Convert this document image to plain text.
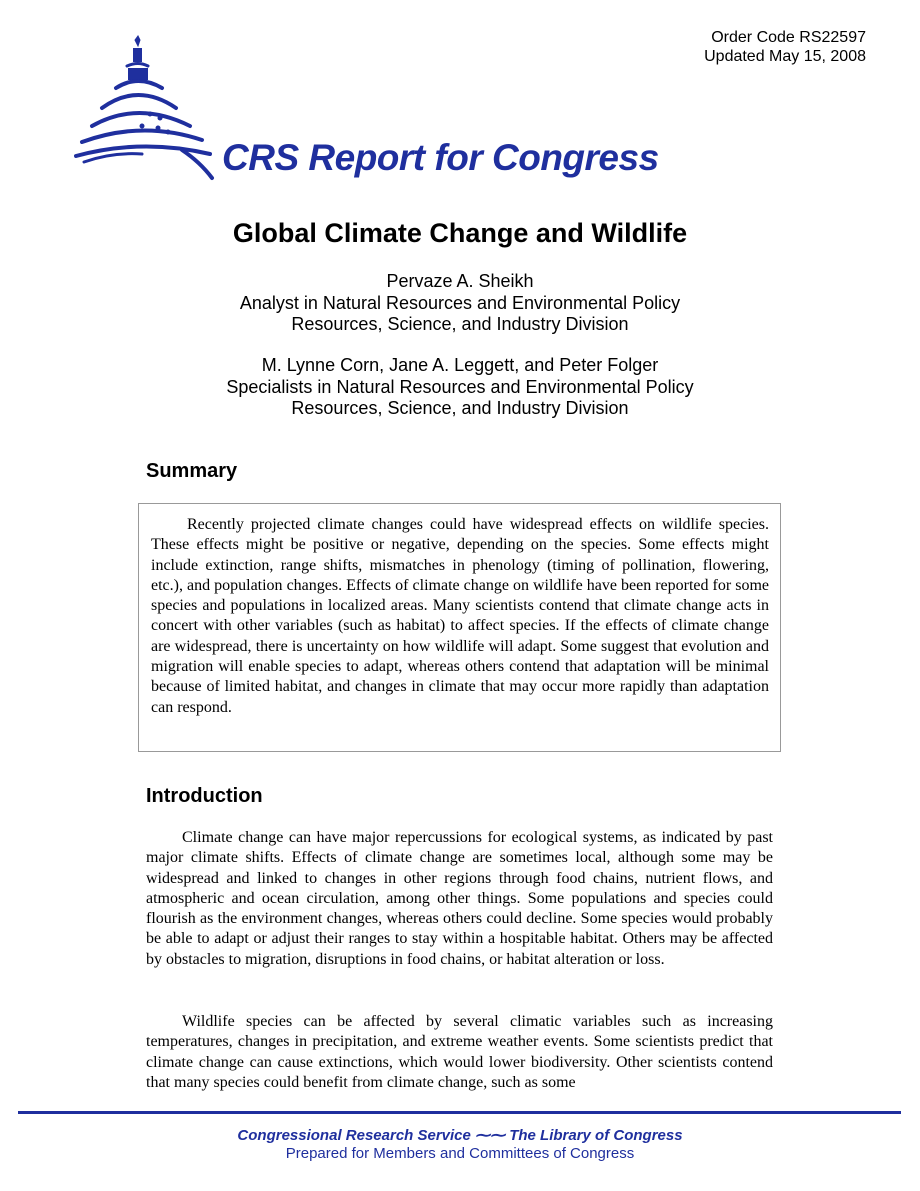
Order Code RS22597
Updated May 15, 2008
CRS Report for Congress
Global Climate Change and Wildlife
Pervaze A. Sheikh
Analyst in Natural Resources and Environmental Policy
Resources, Science, and Industry Division
M. Lynne Corn, Jane A. Leggett, and Peter Folger
Specialists in Natural Resources and Environmental Policy
Resources, Science, and Industry Division
Summary

Recently projected climate changes could have widespread effects on wildlife species. These effects might be positive or negative, depending on the species. Some effects might include extinction, range shifts, mismatches in phenology (timing of pollination, flowering, etc.), and population changes. Effects of climate change on wildlife have been reported for some species and populations in localized areas. Many scientists contend that climate change acts in concert with other variables (such as habitat) to affect species. If the effects of climate change are widespread, there is uncertainty on how wildlife will adapt. Some suggest that evolution and migration will enable species to adapt, whereas others contend that adaptation will be minimal because of limited habitat, and changes in climate that may occur more rapidly than adaptation can respond.

Introduction

Climate change can have major repercussions for ecological systems, as indicated by past major climate shifts. Effects of climate change are sometimes local, although some may be widespread and linked to changes in other regions through food chains, nutrient flows, and atmospheric and ocean circulation, among other things. Some populations and species could flourish as the environment changes, whereas others could decline. Some species would probably be able to adapt or adjust their ranges to stay within a hospitable habitat. Others may be affected by obstacles to migration, disruptions in food chains, or habitat alteration or loss.

Wildlife species can be affected by several climatic variables such as increasing temperatures, changes in precipitation, and extreme weather events. Some scientists predict that climate change can cause extinctions, which would lower biodiversity. Other scientists contend that many species could benefit from climate change, such as some

Congressional Research Service ⁓⁓ The Library of Congress
Prepared for Members and Committees of Congress
